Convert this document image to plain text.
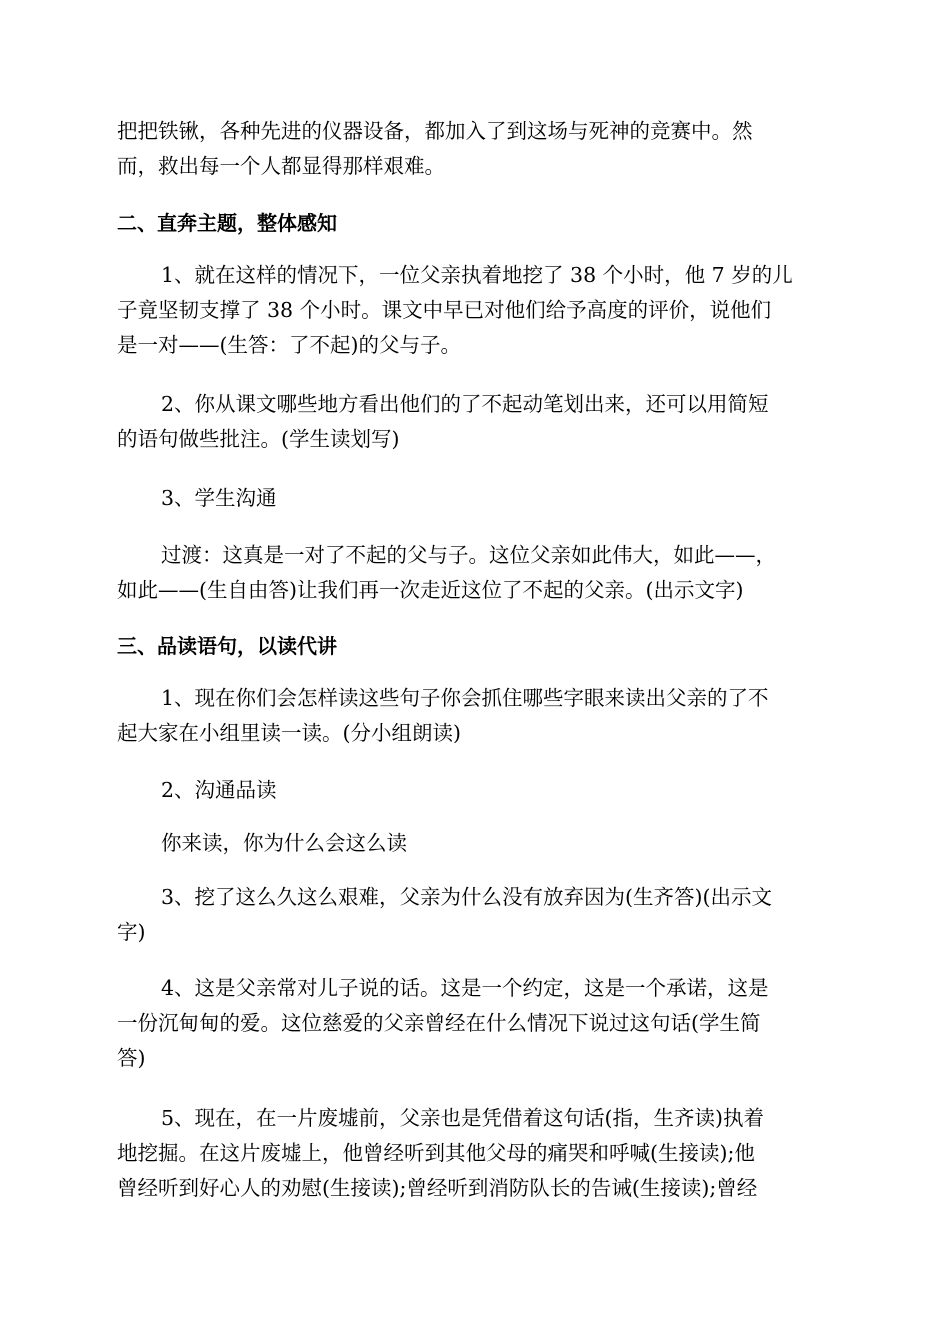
把把铁锹，各种先进的仪器设备，都加入了到这场与死神的竞赛中。然
而，救出每一个人都显得那样艰难。

二、直奔主题，整体感知

1、就在这样的情况下，一位父亲执着地挖了 38 个小时，他 7 岁的儿
子竟坚韧支撑了 38 个小时。课文中早已对他们给予高度的评价，说他们
是一对——(生答：了不起)的父与子。

2、你从课文哪些地方看出他们的了不起动笔划出来，还可以用简短
的语句做些批注。(学生读划写)

3、学生沟通

过渡：这真是一对了不起的父与子。这位父亲如此伟大，如此——，
如此——(生自由答)让我们再一次走近这位了不起的父亲。(出示文字)

三、品读语句，以读代讲

1、现在你们会怎样读这些句子你会抓住哪些字眼来读出父亲的了不
起大家在小组里读一读。(分小组朗读)

2、沟通品读

你来读，你为什么会这么读

3、挖了这么久这么艰难，父亲为什么没有放弃因为(生齐答)(出示文
字)

4、这是父亲常对儿子说的话。这是一个约定，这是一个承诺，这是
一份沉甸甸的爱。这位慈爱的父亲曾经在什么情况下说过这句话(学生简
答)

5、现在，在一片废墟前，父亲也是凭借着这句话(指，生齐读)执着
地挖掘。在这片废墟上，他曾经听到其他父母的痛哭和呼喊(生接读);他
曾经听到好心人的劝慰(生接读);曾经听到消防队长的告诫(生接读);曾经
